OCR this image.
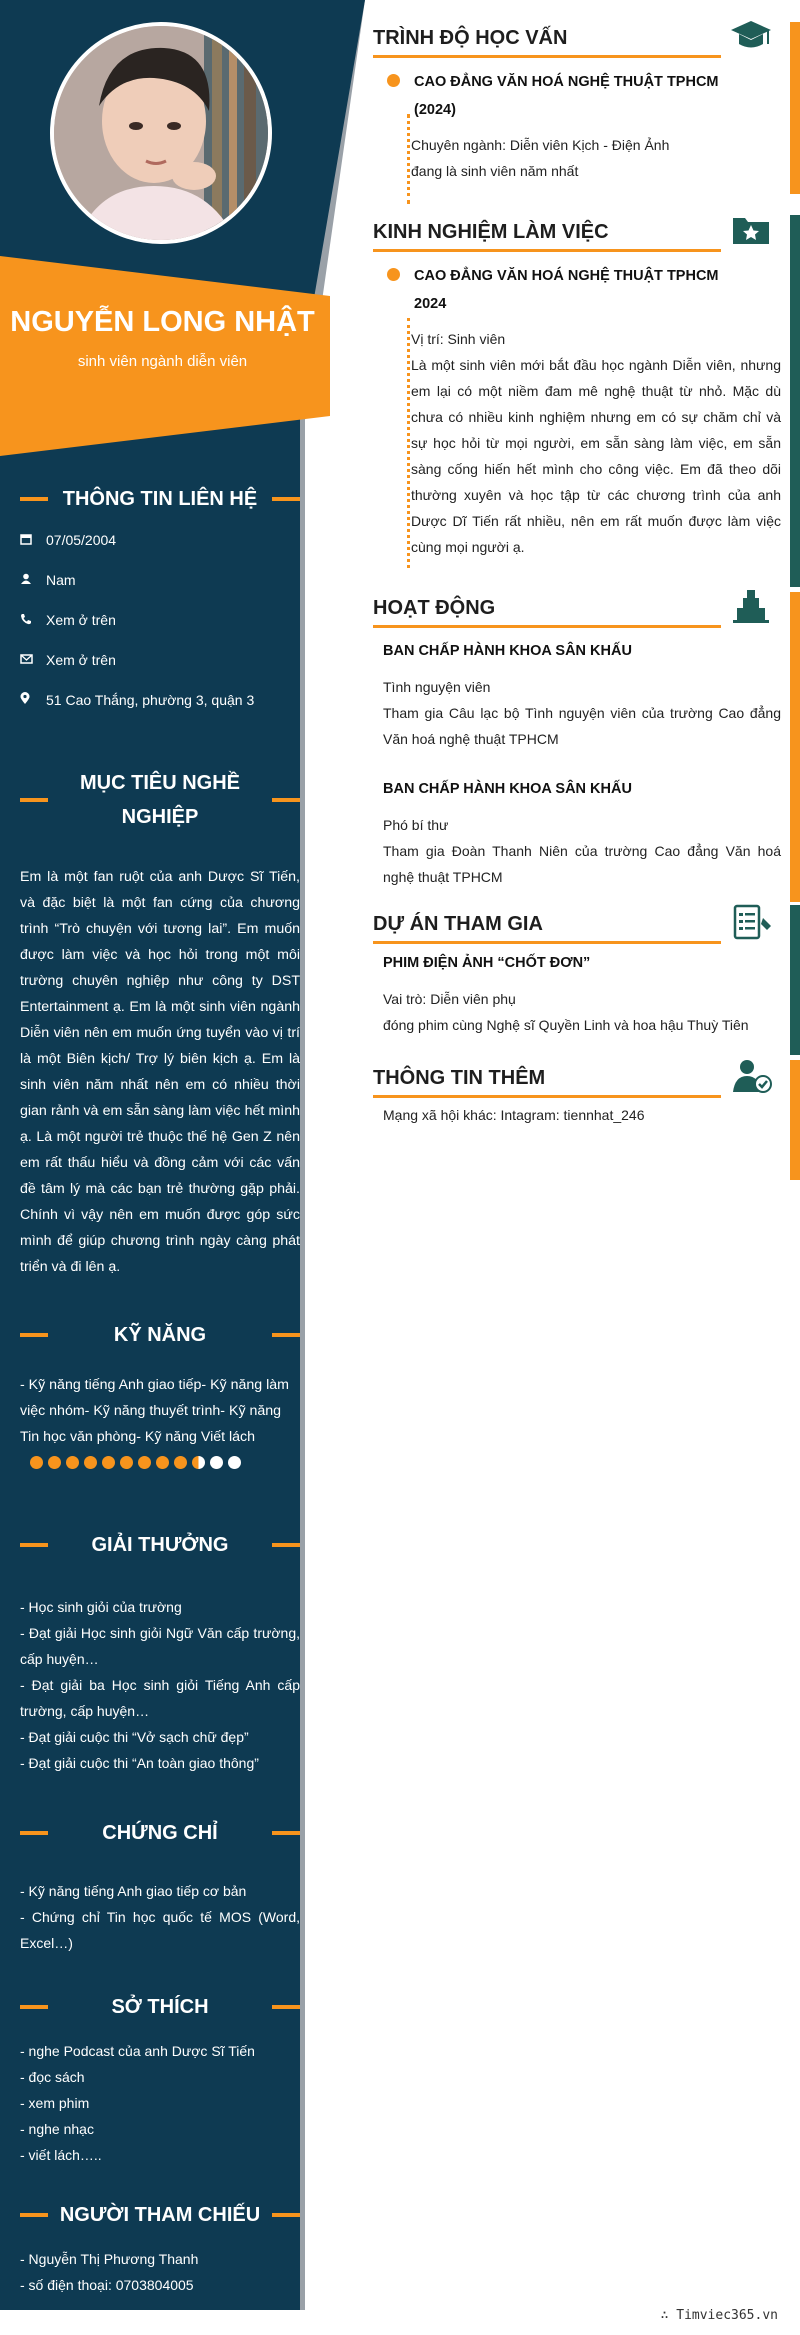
NGUYỄN LONG NHẬT
sinh viên ngành diễn viên
THÔNG TIN LIÊN HỆ
07/05/2004
Nam
Xem ở trên
Xem ở trên
51 Cao Thắng, phường 3, quận 3
MỤC TIÊU NGHỀ
NGHIỆP
Em là một fan ruột của anh Dược Sĩ Tiến, và đặc biệt là một fan cứng của chương trình “Trò chuyện với tương lai”. Em muốn được làm việc và học hỏi trong một môi trường chuyên nghiệp như công ty DST Entertainment ạ. Em là một sinh viên ngành Diễn viên nên em muốn ứng tuyển vào vị trí là một Biên kịch/ Trợ lý biên kịch ạ. Em là sinh viên năm nhất nên em có nhiều thời gian rảnh và em sẵn sàng làm việc hết mình ạ. Là một người trẻ thuộc thế hệ Gen Z nên em rất thấu hiểu và đồng cảm với các vấn đề tâm lý mà các bạn trẻ thường gặp phải. Chính vì vậy nên em muốn được góp sức mình để giúp chương trình ngày càng phát triển và đi lên ạ.
KỸ NĂNG
- Kỹ năng tiếng Anh giao tiếp- Kỹ năng làm việc nhóm- Kỹ năng thuyết trình- Kỹ năng Tin học văn phòng- Kỹ năng Viết lách
GIẢI THƯỞNG
- Học sinh giỏi của trường
- Đạt giải Học sinh giỏi Ngữ Văn cấp trường, cấp huyện…
- Đạt giải ba Học sinh giỏi Tiếng Anh cấp trường, cấp huyện…
- Đạt giải cuộc thi “Vở sạch chữ đẹp”
- Đạt giải cuộc thi “An toàn giao thông”
CHỨNG CHỈ
- Kỹ năng tiếng Anh giao tiếp cơ bản
- Chứng chỉ Tin học quốc tế MOS (Word, Excel…)
SỞ THÍCH
- nghe Podcast của anh Dược Sĩ Tiến
- đọc sách
- xem phim
- nghe nhạc
- viết lách…..
NGƯỜI THAM CHIẾU
- Nguyễn Thị Phương Thanh
- số điện thoại: 0703804005
TRÌNH ĐỘ HỌC VẤN
CAO ĐẲNG VĂN HOÁ NGHỆ THUẬT TPHCM
(2024)
Chuyên ngành: Diễn viên Kịch - Điện Ảnh
đang là sinh viên năm nhất
KINH NGHIỆM LÀM VIỆC
CAO ĐẲNG VĂN HOÁ NGHỆ THUẬT TPHCM
2024
Vị trí: Sinh viên
Là một sinh viên mới bắt đầu học ngành Diễn viên, nhưng em lại có một niềm đam mê nghệ thuật từ nhỏ. Mặc dù chưa có nhiều kinh nghiệm nhưng em có sự chăm chỉ và sự học hỏi từ mọi người, em sẵn sàng làm việc, em sẵn sàng cống hiến hết mình cho công việc. Em đã theo dõi thường xuyên và học tập từ các chương trình của anh Dược Dĩ Tiến rất nhiều, nên em rất muốn được làm việc cùng mọi người ạ.
HOẠT ĐỘNG
BAN CHẤP HÀNH KHOA SÂN KHẤU
Tình nguyện viên
Tham gia Câu lạc bộ Tình nguyện viên của trường Cao đẳng Văn hoá nghệ thuật TPHCM
BAN CHẤP HÀNH KHOA SÂN KHẤU
Phó bí thư
Tham gia Đoàn Thanh Niên của trường Cao đẳng Văn hoá nghệ thuật TPHCM
DỰ ÁN THAM GIA
PHIM ĐIỆN ẢNH “CHỐT ĐƠN”
Vai trò: Diễn viên phụ
đóng phim cùng Nghệ sĩ Quyền Linh và hoa hậu Thuỳ Tiên
THÔNG TIN THÊM
Mạng xã hội khác: Intagram: tiennhat_246
∴ Timviec365.vn
